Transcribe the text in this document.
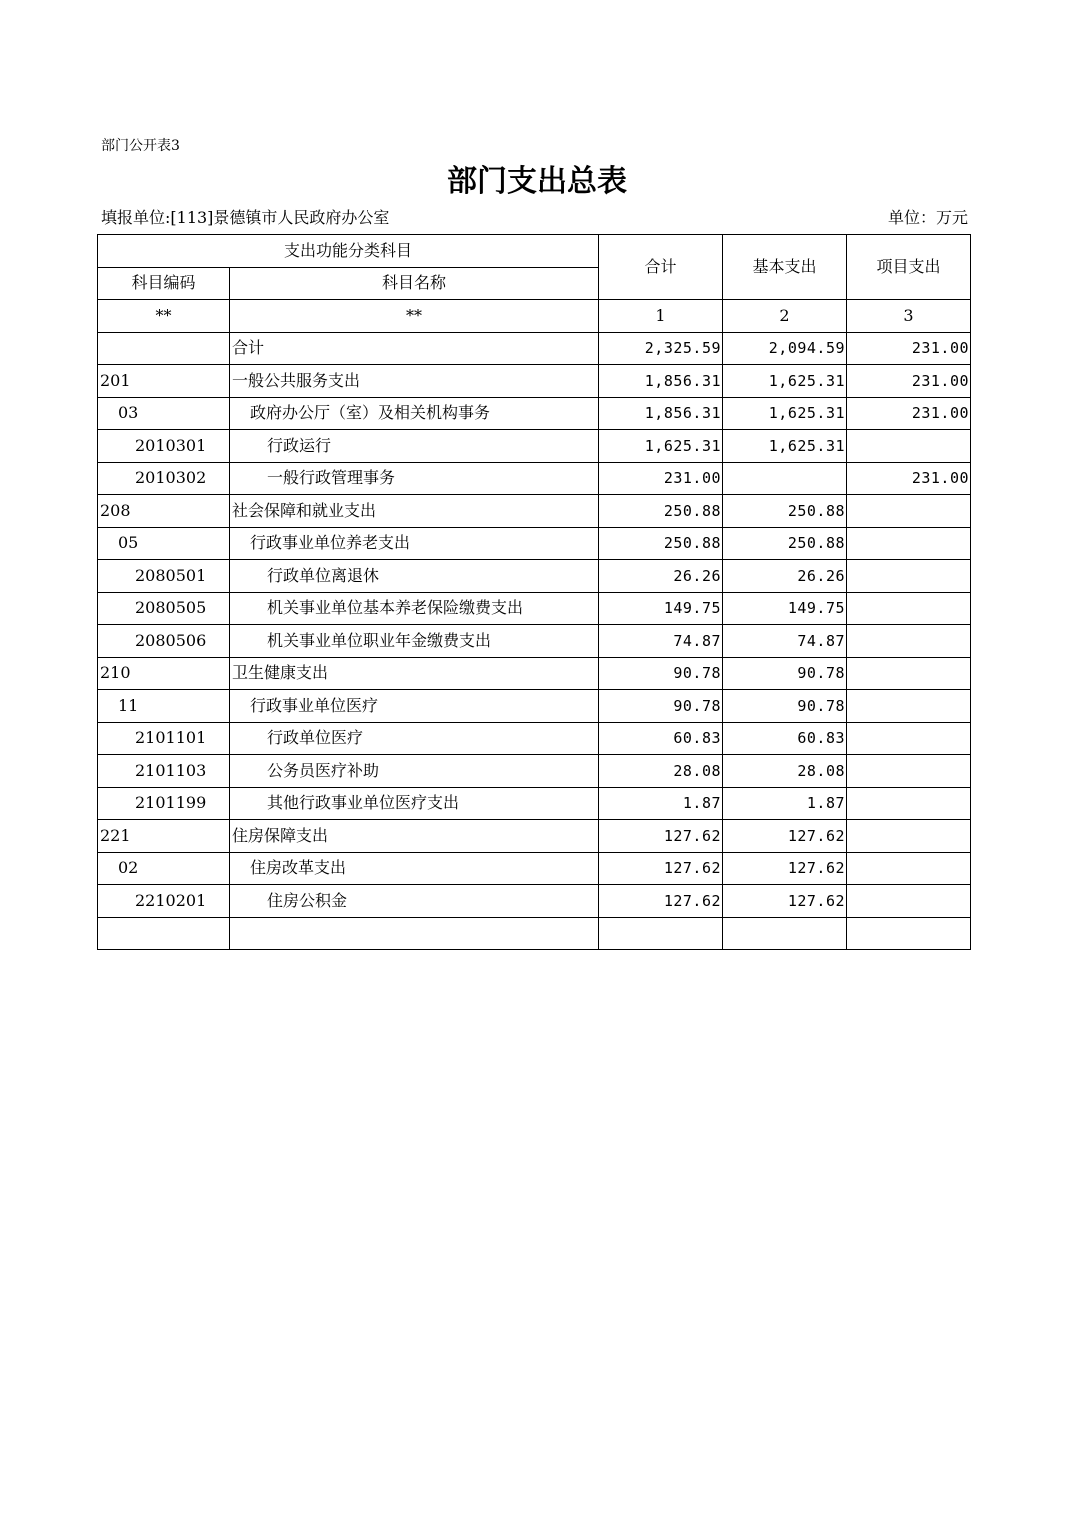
部门公开表3
部门支出总表
填报单位:[113]景德镇市人民政府办公室	单位：万元
支出功能分类科目		合计	基本支出	项目支出
科目编码	科目名称			
**	**	1	2	3
	合计	2,325.59	2,094.59	231.00
201	一般公共服务支出	1,856.31	1,625.31	231.00
03	政府办公厅（室）及相关机构事务	1,856.31	1,625.31	231.00
2010301	行政运行	1,625.31	1,625.31	
2010302	一般行政管理事务	231.00		231.00
208	社会保障和就业支出	250.88	250.88	
05	行政事业单位养老支出	250.88	250.88	
2080501	行政单位离退休	26.26	26.26	
2080505	机关事业单位基本养老保险缴费支出	149.75	149.75	
2080506	机关事业单位职业年金缴费支出	74.87	74.87	
210	卫生健康支出	90.78	90.78	
11	行政事业单位医疗	90.78	90.78	
2101101	行政单位医疗	60.83	60.83	
2101103	公务员医疗补助	28.08	28.08	
2101199	其他行政事业单位医疗支出	1.87	1.87	
221	住房保障支出	127.62	127.62	
02	住房改革支出	127.62	127.62	
2210201	住房公积金	127.62	127.62	
